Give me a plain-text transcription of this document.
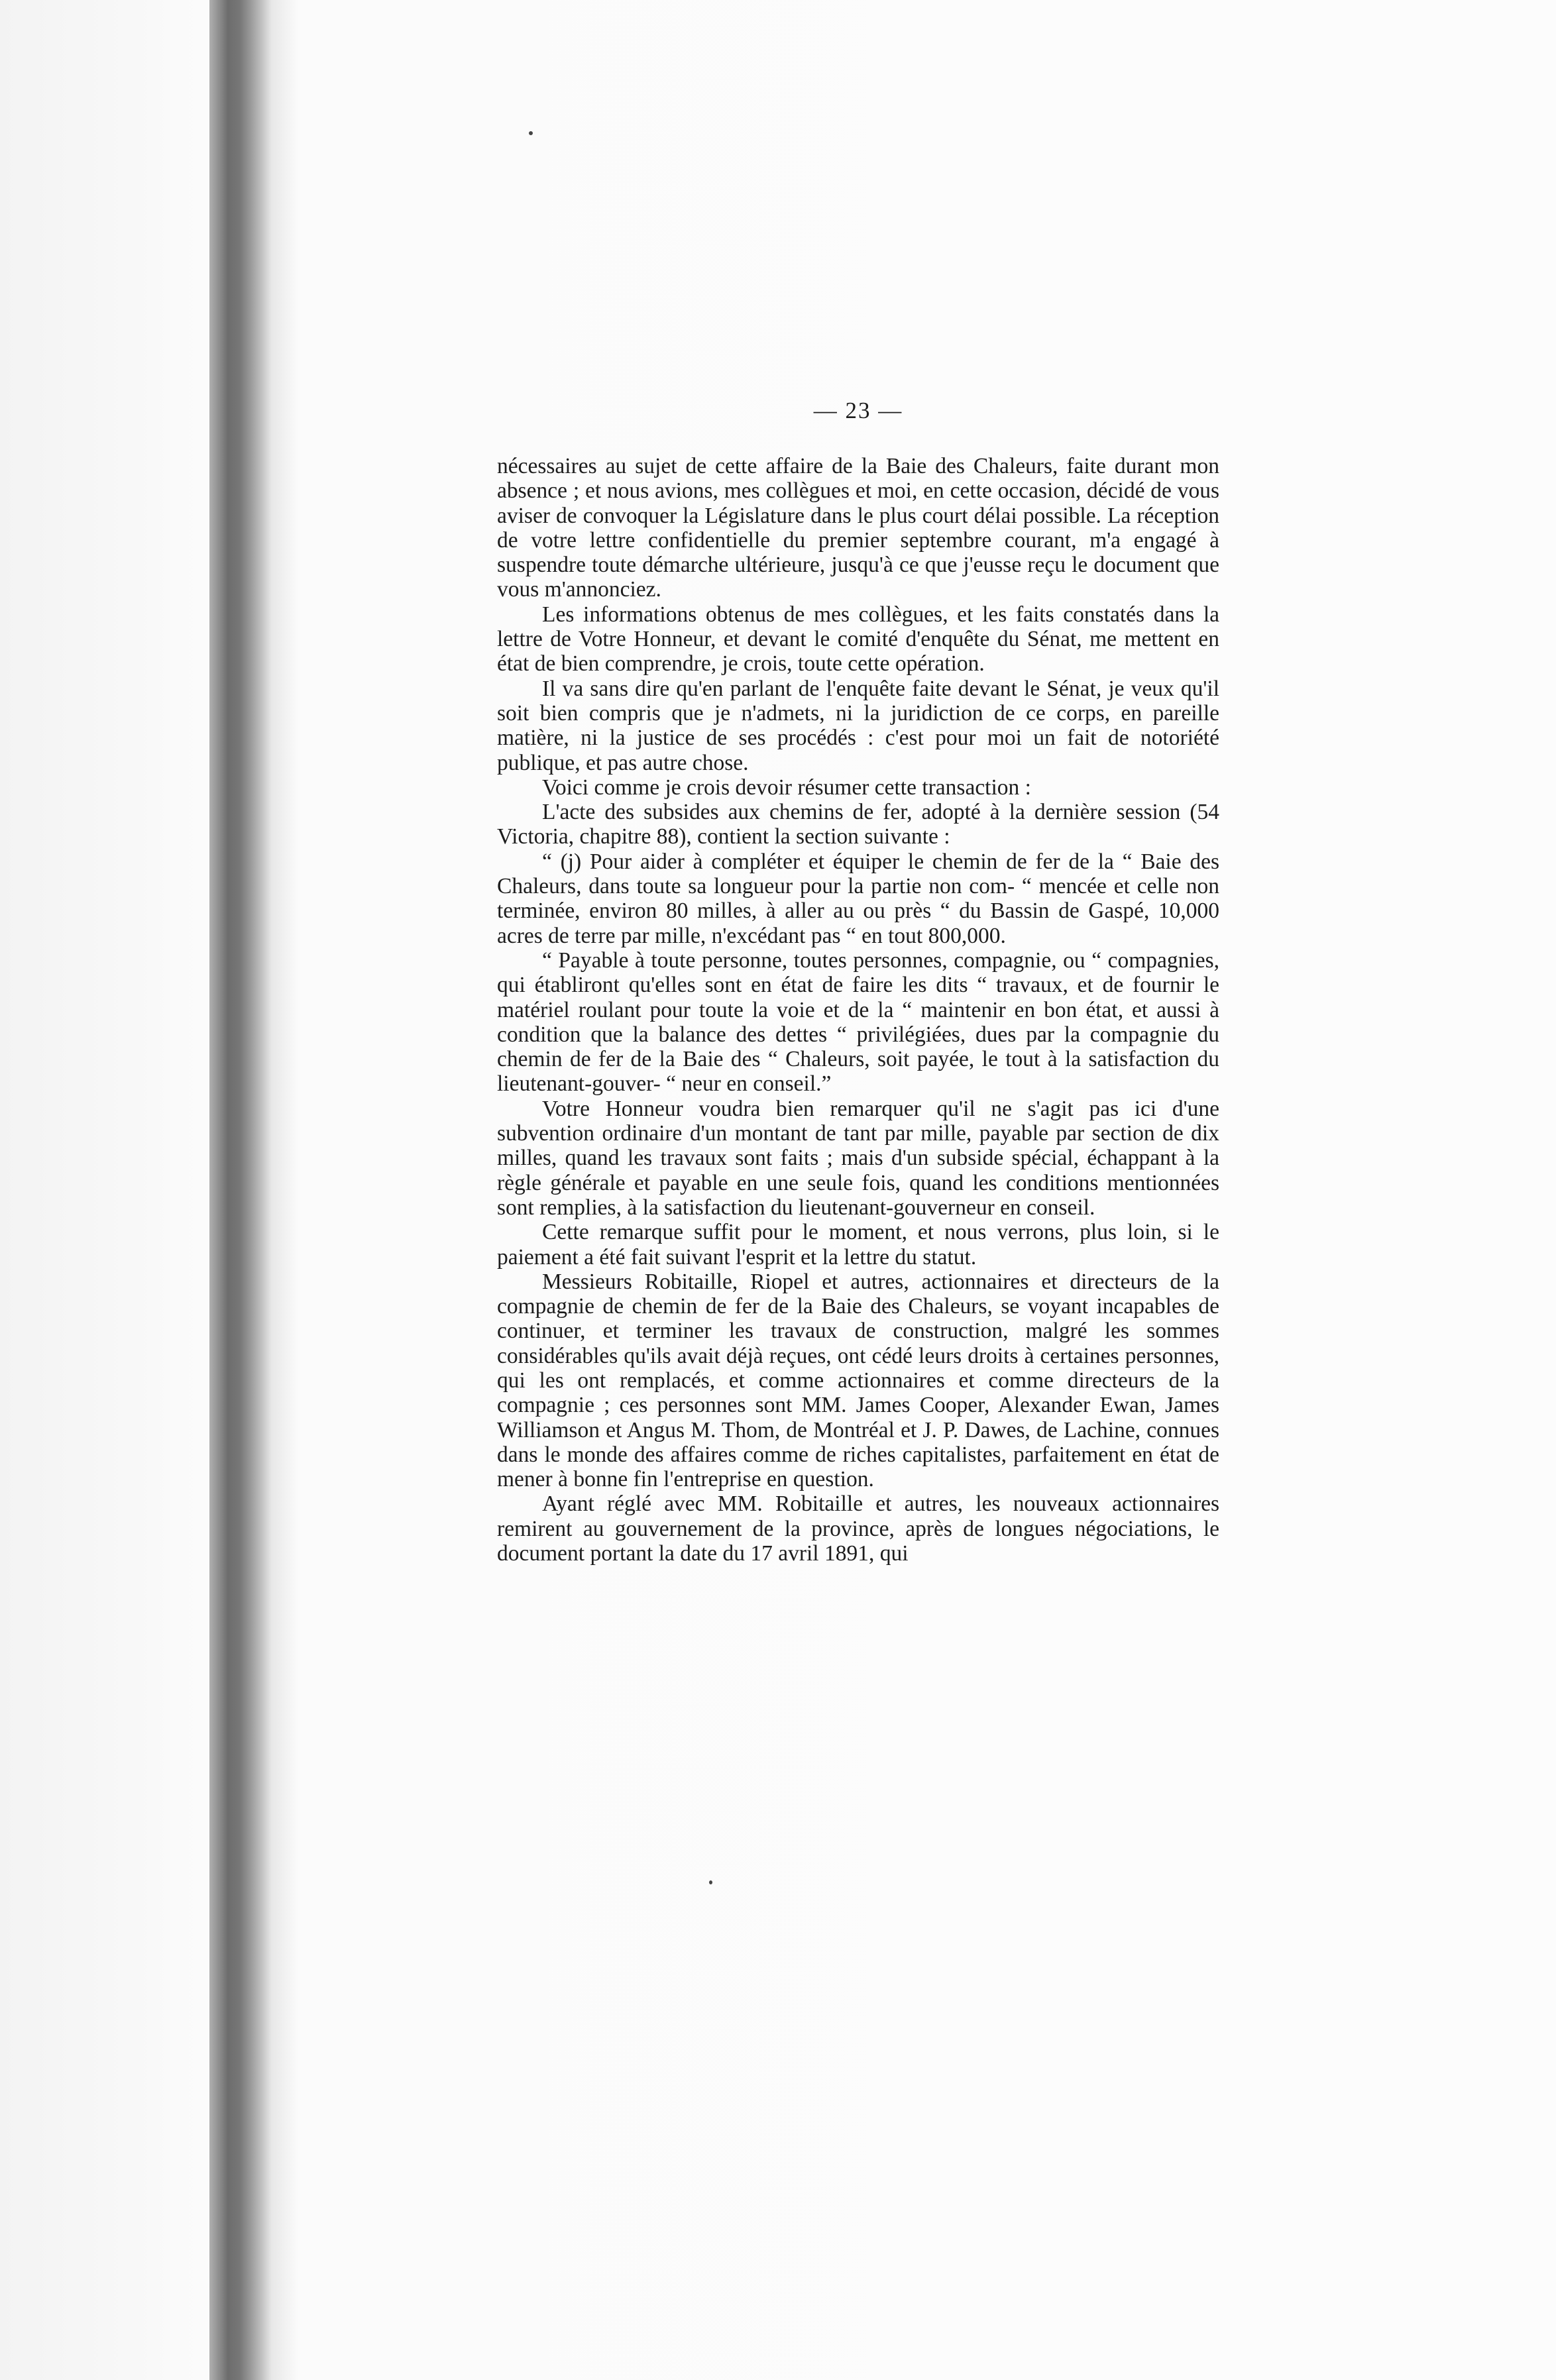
— 23 —

nécessaires au sujet de cette affaire de la Baie des Chaleurs, faite durant mon absence ; et nous avions, mes collègues et moi, en cette occasion, décidé de vous aviser de convoquer la Législature dans le plus court délai possible. La réception de votre lettre confidentielle du premier septembre courant, m'a engagé à suspendre toute démarche ultérieure, jusqu'à ce que j'eusse reçu le document que vous m'annonciez.

Les informations obtenus de mes collègues, et les faits constatés dans la lettre de Votre Honneur, et devant le comité d'enquête du Sénat, me mettent en état de bien comprendre, je crois, toute cette opération.

Il va sans dire qu'en parlant de l'enquête faite devant le Sénat, je veux qu'il soit bien compris que je n'admets, ni la juridiction de ce corps, en pareille matière, ni la justice de ses procédés : c'est pour moi un fait de notoriété publique, et pas autre chose.

Voici comme je crois devoir résumer cette transaction :

L'acte des subsides aux chemins de fer, adopté à la dernière session (54 Victoria, chapitre 88), contient la section suivante :

“ (j) Pour aider à compléter et équiper le chemin de fer de la “ Baie des Chaleurs, dans toute sa longueur pour la partie non com- “ mencée et celle non terminée, environ 80 milles, à aller au ou près “ du Bassin de Gaspé, 10,000 acres de terre par mille, n'excédant pas “ en tout 800,000.

“ Payable à toute personne, toutes personnes, compagnie, ou “ compagnies, qui établiront qu'elles sont en état de faire les dits “ travaux, et de fournir le matériel roulant pour toute la voie et de la “ maintenir en bon état, et aussi à condition que la balance des dettes “ privilégiées, dues par la compagnie du chemin de fer de la Baie des “ Chaleurs, soit payée, le tout à la satisfaction du lieutenant-gouver- “ neur en conseil.”

Votre Honneur voudra bien remarquer qu'il ne s'agit pas ici d'une subvention ordinaire d'un montant de tant par mille, payable par section de dix milles, quand les travaux sont faits ; mais d'un subside spécial, échappant à la règle générale et payable en une seule fois, quand les conditions mentionnées sont remplies, à la satisfaction du lieutenant-gouverneur en conseil.

Cette remarque suffit pour le moment, et nous verrons, plus loin, si le paiement a été fait suivant l'esprit et la lettre du statut.

Messieurs Robitaille, Riopel et autres, actionnaires et directeurs de la compagnie de chemin de fer de la Baie des Chaleurs, se voyant incapables de continuer, et terminer les travaux de construction, malgré les sommes considérables qu'ils avait déjà reçues, ont cédé leurs droits à certaines personnes, qui les ont remplacés, et comme actionnaires et comme directeurs de la compagnie ; ces personnes sont MM. James Cooper, Alexander Ewan, James Williamson et Angus M. Thom, de Montréal et J. P. Dawes, de Lachine, connues dans le monde des affaires comme de riches capitalistes, parfaitement en état de mener à bonne fin l'entreprise en question.

Ayant réglé avec MM. Robitaille et autres, les nouveaux actionnaires remirent au gouvernement de la province, après de longues négociations, le document portant la date du 17 avril 1891, qui
